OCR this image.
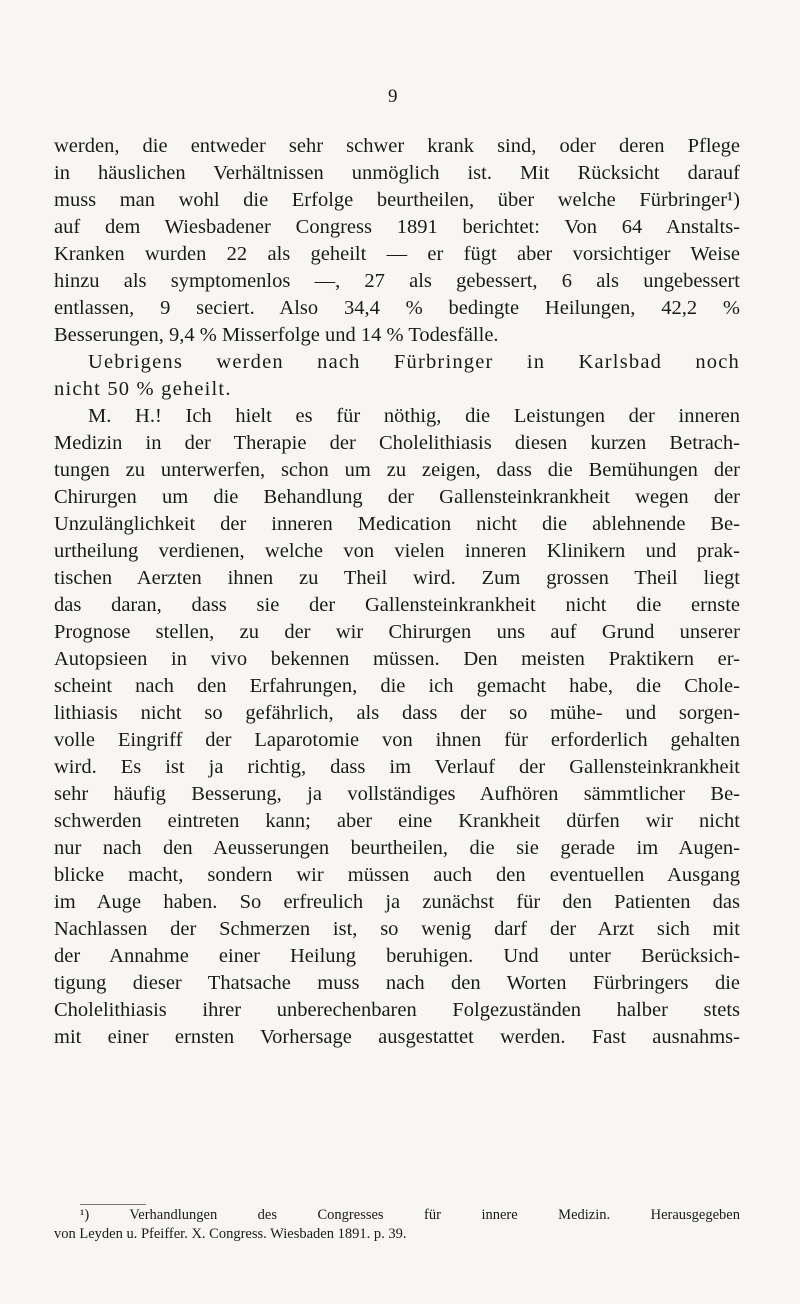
9
werden, die entweder sehr schwer krank sind, oder deren Pflege
in häuslichen Verhältnissen unmöglich ist. Mit Rücksicht darauf
muss man wohl die Erfolge beurtheilen, über welche Fürbringer¹)
auf dem Wiesbadener Congress 1891 berichtet: Von 64 Anstalts-
Kranken wurden 22 als geheilt — er fügt aber vorsichtiger Weise
hinzu als symptomenlos —, 27 als gebessert, 6 als ungebessert
entlassen, 9 seciert. Also 34,4 % bedingte Heilungen, 42,2 %
Besserungen, 9,4 % Misserfolge und 14 % Todesfälle.
Uebrigens werden nach Fürbringer in Karlsbad noch
nicht 50 % geheilt.
M. H.! Ich hielt es für nöthig, die Leistungen der inneren
Medizin in der Therapie der Cholelithiasis diesen kurzen Betrach-
tungen zu unterwerfen, schon um zu zeigen, dass die Bemühungen der
Chirurgen um die Behandlung der Gallensteinkrankheit wegen der
Unzulänglichkeit der inneren Medication nicht die ablehnende Be-
urtheilung verdienen, welche von vielen inneren Klinikern und prak-
tischen Aerzten ihnen zu Theil wird. Zum grossen Theil liegt
das daran, dass sie der Gallensteinkrankheit nicht die ernste
Prognose stellen, zu der wir Chirurgen uns auf Grund unserer
Autopsieen in vivo bekennen müssen. Den meisten Praktikern er-
scheint nach den Erfahrungen, die ich gemacht habe, die Chole-
lithiasis nicht so gefährlich, als dass der so mühe- und sorgen-
volle Eingriff der Laparotomie von ihnen für erforderlich gehalten
wird. Es ist ja richtig, dass im Verlauf der Gallensteinkrankheit
sehr häufig Besserung, ja vollständiges Aufhören sämmtlicher Be-
schwerden eintreten kann; aber eine Krankheit dürfen wir nicht
nur nach den Aeusserungen beurtheilen, die sie gerade im Augen-
blicke macht, sondern wir müssen auch den eventuellen Ausgang
im Auge haben. So erfreulich ja zunächst für den Patienten das
Nachlassen der Schmerzen ist, so wenig darf der Arzt sich mit
der Annahme einer Heilung beruhigen. Und unter Berücksich-
tigung dieser Thatsache muss nach den Worten Fürbringers die
Cholelithiasis ihrer unberechenbaren Folgezuständen halber stets
mit einer ernsten Vorhersage ausgestattet werden. Fast ausnahms-
¹) Verhandlungen des Congresses für innere Medizin. Herausgegeben
von Leyden u. Pfeiffer. X. Congress. Wiesbaden 1891. p. 39.
